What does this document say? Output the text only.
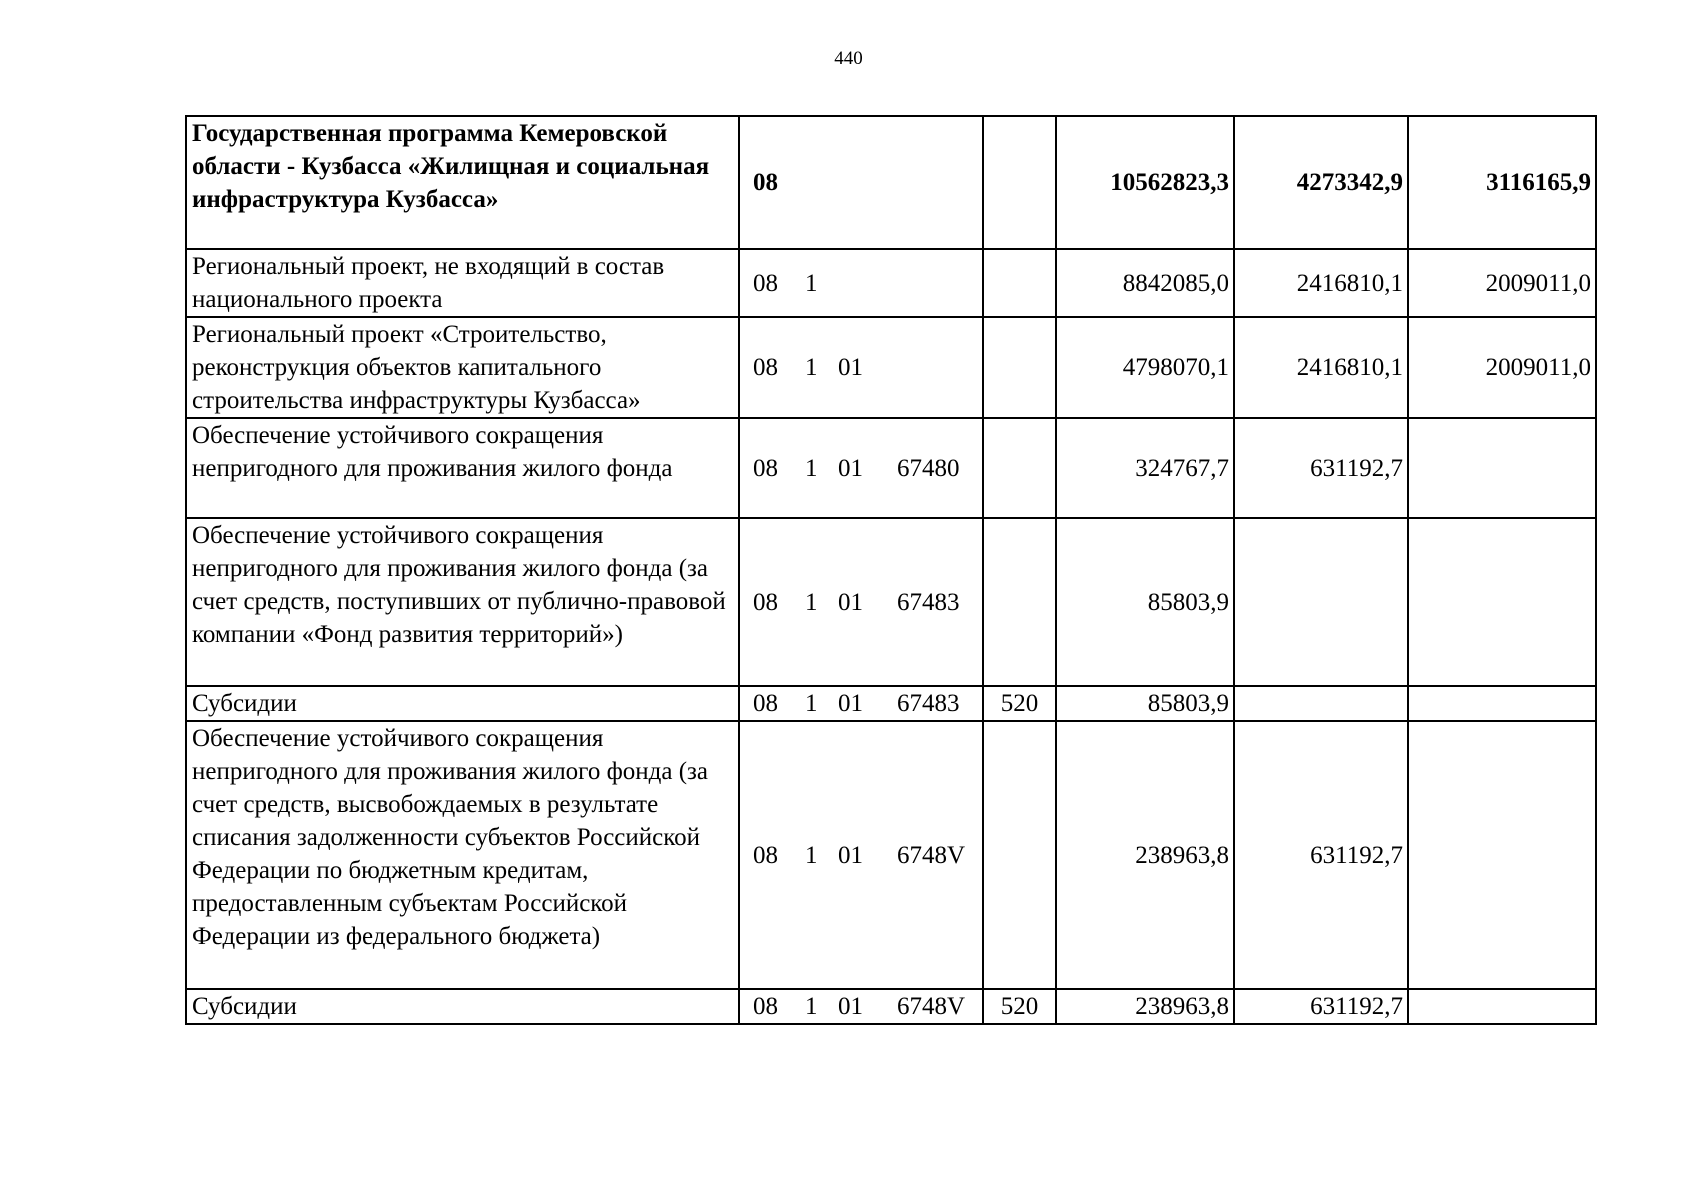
440
Государственная программа Кемеровской области - Кузбасса «Жилищная и социальная инфраструктура Кузбасса»	08		10562823,3	4273342,9	3116165,9
Региональный проект, не входящий в состав национального проекта	08 1		8842085,0	2416810,1	2009011,0
Региональный проект «Строительство, реконструкция объектов капитального строительства инфраструктуры Кузбасса»	08 1 01		4798070,1	2416810,1	2009011,0
Обеспечение устойчивого сокращения непригодного для проживания жилого фонда	08 1 01 67480		324767,7	631192,7	
Обеспечение устойчивого сокращения непригодного для проживания жилого фонда (за счет средств, поступивших от публично-правовой компании «Фонд развития территорий»)	08 1 01 67483		85803,9		
Субсидии	08 1 01 67483	520	85803,9		
Обеспечение устойчивого сокращения непригодного для проживания жилого фонда (за счет средств, высвобождаемых в результате списания задолженности субъектов Российской Федерации по бюджетным кредитам, предоставленным субъектам Российской Федерации из федерального бюджета)	08 1 01 6748V		238963,8	631192,7	
Субсидии	08 1 01 6748V	520	238963,8	631192,7	
